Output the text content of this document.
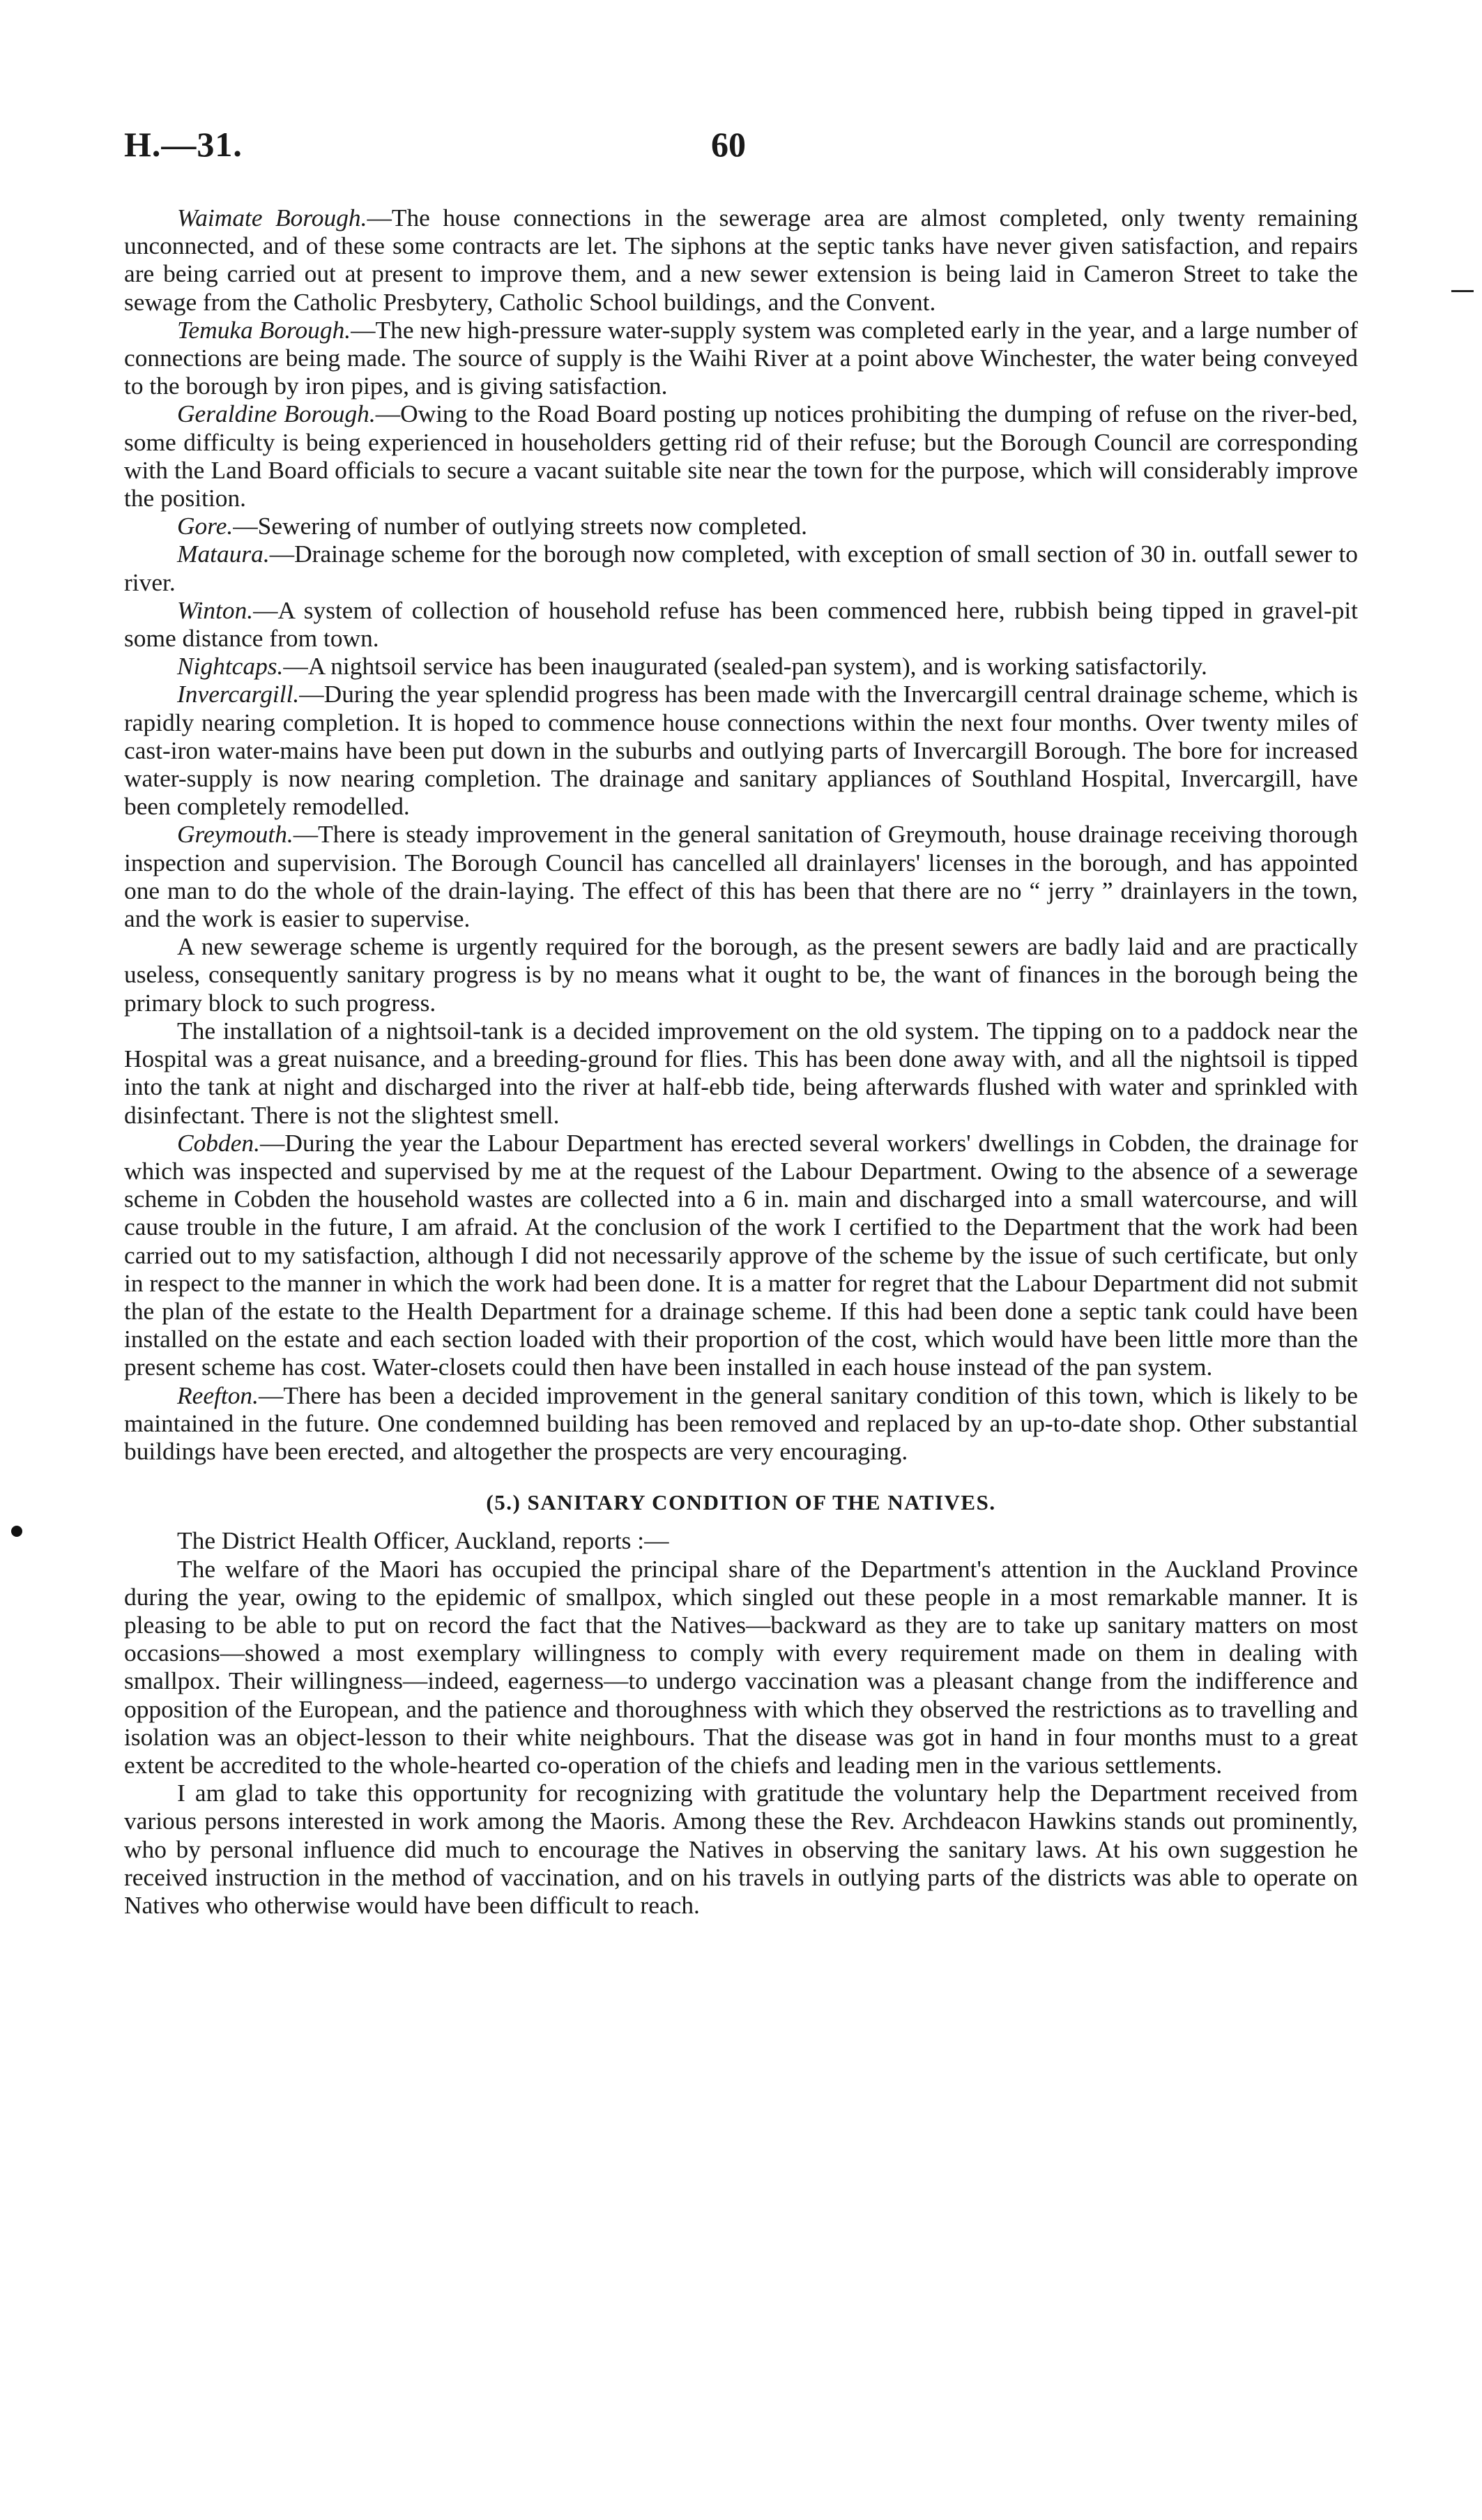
H.—31.	60

Waimate Borough.—The house connections in the sewerage area are almost completed, only twenty remaining unconnected, and of these some contracts are let. The siphons at the septic tanks have never given satisfaction, and repairs are being carried out at present to improve them, and a new sewer extension is being laid in Cameron Street to take the sewage from the Catholic Presbytery, Catholic School buildings, and the Convent.

Temuka Borough.—The new high-pressure water-supply system was completed early in the year, and a large number of connections are being made. The source of supply is the Waihi River at a point above Winchester, the water being conveyed to the borough by iron pipes, and is giving satisfaction.

Geraldine Borough.—Owing to the Road Board posting up notices prohibiting the dumping of refuse on the river-bed, some difficulty is being experienced in householders getting rid of their refuse; but the Borough Council are corresponding with the Land Board officials to secure a vacant suitable site near the town for the purpose, which will considerably improve the position.

Gore.—Sewering of number of outlying streets now completed.

Mataura.—Drainage scheme for the borough now completed, with exception of small section of 30 in. outfall sewer to river.

Winton.—A system of collection of household refuse has been commenced here, rubbish being tipped in gravel-pit some distance from town.

Nightcaps.—A nightsoil service has been inaugurated (sealed-pan system), and is working satisfactorily.

Invercargill.—During the year splendid progress has been made with the Invercargill central drainage scheme, which is rapidly nearing completion. It is hoped to commence house connections within the next four months. Over twenty miles of cast-iron water-mains have been put down in the suburbs and outlying parts of Invercargill Borough. The bore for increased water-supply is now nearing completion. The drainage and sanitary appliances of Southland Hospital, Invercargill, have been completely remodelled.

Greymouth.—There is steady improvement in the general sanitation of Greymouth, house drainage receiving thorough inspection and supervision. The Borough Council has cancelled all drainlayers' licenses in the borough, and has appointed one man to do the whole of the drain-laying. The effect of this has been that there are no “ jerry ” drainlayers in the town, and the work is easier to supervise.

A new sewerage scheme is urgently required for the borough, as the present sewers are badly laid and are practically useless, consequently sanitary progress is by no means what it ought to be, the want of finances in the borough being the primary block to such progress.

The installation of a nightsoil-tank is a decided improvement on the old system. The tipping on to a paddock near the Hospital was a great nuisance, and a breeding-ground for flies. This has been done away with, and all the nightsoil is tipped into the tank at night and discharged into the river at half-ebb tide, being afterwards flushed with water and sprinkled with disinfectant. There is not the slightest smell.

Cobden.—During the year the Labour Department has erected several workers' dwellings in Cobden, the drainage for which was inspected and supervised by me at the request of the Labour Department. Owing to the absence of a sewerage scheme in Cobden the household wastes are collected into a 6 in. main and discharged into a small watercourse, and will cause trouble in the future, I am afraid. At the conclusion of the work I certified to the Department that the work had been carried out to my satisfaction, although I did not necessarily approve of the scheme by the issue of such certificate, but only in respect to the manner in which the work had been done. It is a matter for regret that the Labour Department did not submit the plan of the estate to the Health Department for a drainage scheme. If this had been done a septic tank could have been installed on the estate and each section loaded with their proportion of the cost, which would have been little more than the present scheme has cost. Water-closets could then have been installed in each house instead of the pan system.

Reefton.—There has been a decided improvement in the general sanitary condition of this town, which is likely to be maintained in the future. One condemned building has been removed and replaced by an up-to-date shop. Other substantial buildings have been erected, and altogether the prospects are very encouraging.

(5.) SANITARY CONDITION OF THE NATIVES.

The District Health Officer, Auckland, reports :—

The welfare of the Maori has occupied the principal share of the Department's attention in the Auckland Province during the year, owing to the epidemic of smallpox, which singled out these people in a most remarkable manner. It is pleasing to be able to put on record the fact that the Natives—backward as they are to take up sanitary matters on most occasions—showed a most exemplary willingness to comply with every requirement made on them in dealing with smallpox. Their willingness—indeed, eagerness—to undergo vaccination was a pleasant change from the indifference and opposition of the European, and the patience and thoroughness with which they observed the restrictions as to travelling and isolation was an object-lesson to their white neighbours. That the disease was got in hand in four months must to a great extent be accredited to the whole-hearted co-operation of the chiefs and leading men in the various settlements.

I am glad to take this opportunity for recognizing with gratitude the voluntary help the Department received from various persons interested in work among the Maoris. Among these the Rev. Archdeacon Hawkins stands out prominently, who by personal influence did much to encourage the Natives in observing the sanitary laws. At his own suggestion he received instruction in the method of vaccination, and on his travels in outlying parts of the districts was able to operate on Natives who otherwise would have been difficult to reach.
